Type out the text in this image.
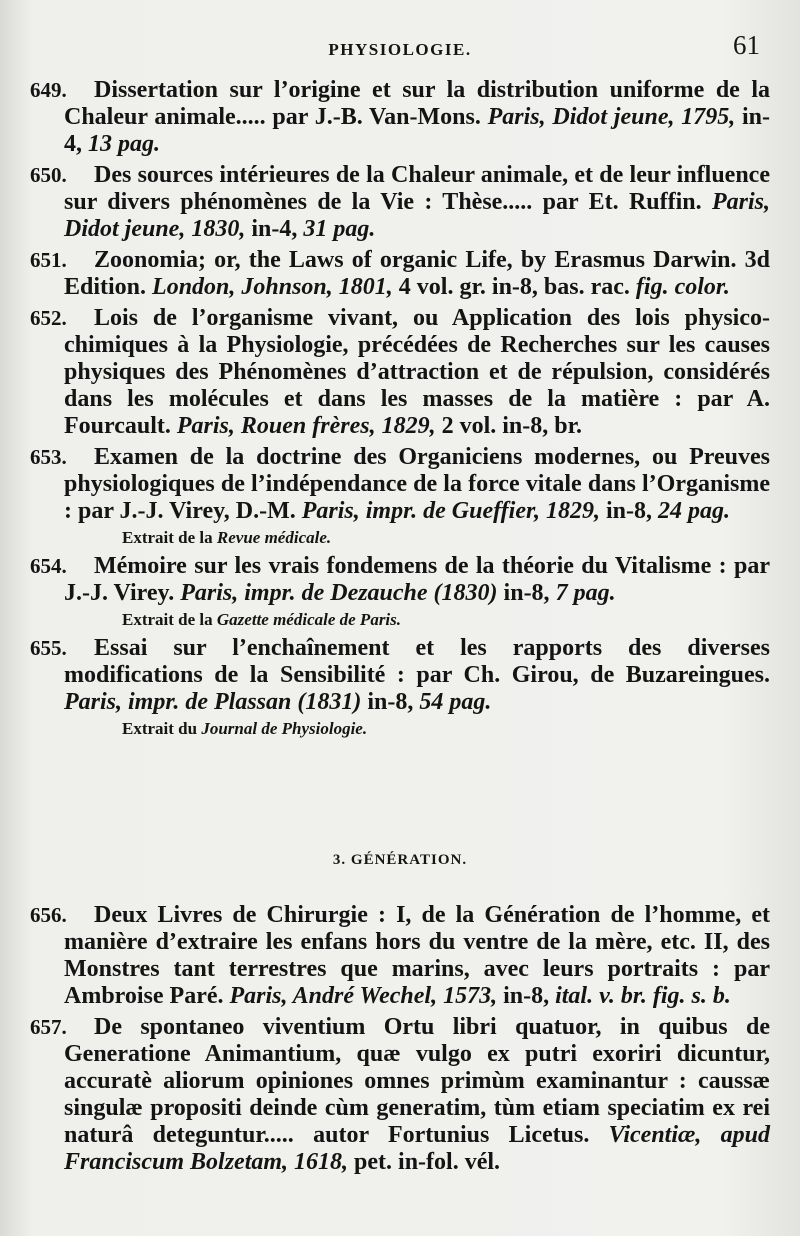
PHYSIOLOGIE.	61

649. Dissertation sur l’origine et sur la distribution uniforme de la Chaleur animale..... par J.-B. Van-Mons. Paris, Didot jeune, 1795, in-4, 13 pag.

650. Des sources intérieures de la Chaleur animale, et de leur influence sur divers phénomènes de la Vie : Thèse..... par Et. Ruffin. Paris, Didot jeune, 1830, in-4, 31 pag.

651. Zoonomia; or, the Laws of organic Life, by Erasmus Darwin. 3d Edition. London, Johnson, 1801, 4 vol. gr. in-8, bas. rac. fig. color.

652. Lois de l’organisme vivant, ou Application des lois physico-chimiques à la Physiologie, précédées de Recherches sur les causes physiques des Phénomènes d’attraction et de répulsion, considérés dans les molécules et dans les masses de la matière : par A. Fourcault. Paris, Rouen frères, 1829, 2 vol. in-8, br.

653. Examen de la doctrine des Organiciens modernes, ou Preuves physiologiques de l’indépendance de la force vitale dans l’Organisme : par J.-J. Virey, D.-M. Paris, impr. de Gueffier, 1829, in-8, 24 pag.

Extrait de la Revue médicale.

654. Mémoire sur les vrais fondemens de la théorie du Vitalisme : par J.-J. Virey. Paris, impr. de Dezauche (1830) in-8, 7 pag.

Extrait de la Gazette médicale de Paris.

655. Essai sur l’enchaînement et les rapports des diverses modifications de la Sensibilité : par Ch. Girou, de Buzareingues. Paris, impr. de Plassan (1831) in-8, 54 pag.

Extrait du Journal de Physiologie.
3. GÉNÉRATION.

656. Deux Livres de Chirurgie : I, de la Génération de l’homme, et manière d’extraire les enfans hors du ventre de la mère, etc. II, des Monstres tant terrestres que marins, avec leurs portraits : par Ambroise Paré. Paris, André Wechel, 1573, in-8, ital. v. br. fig. s. b.

657. De spontaneo viventium Ortu libri quatuor, in quibus de Generatione Animantium, quæ vulgo ex putri exoriri dicuntur, accuratè aliorum opiniones omnes primùm examinantur : caussæ singulæ propositi deinde cùm generatim, tùm etiam speciatim ex rei naturâ deteguntur..... autor Fortunius Licetus. Vicentiæ, apud Franciscum Bolzetam, 1618, pet. in-fol. vél.
